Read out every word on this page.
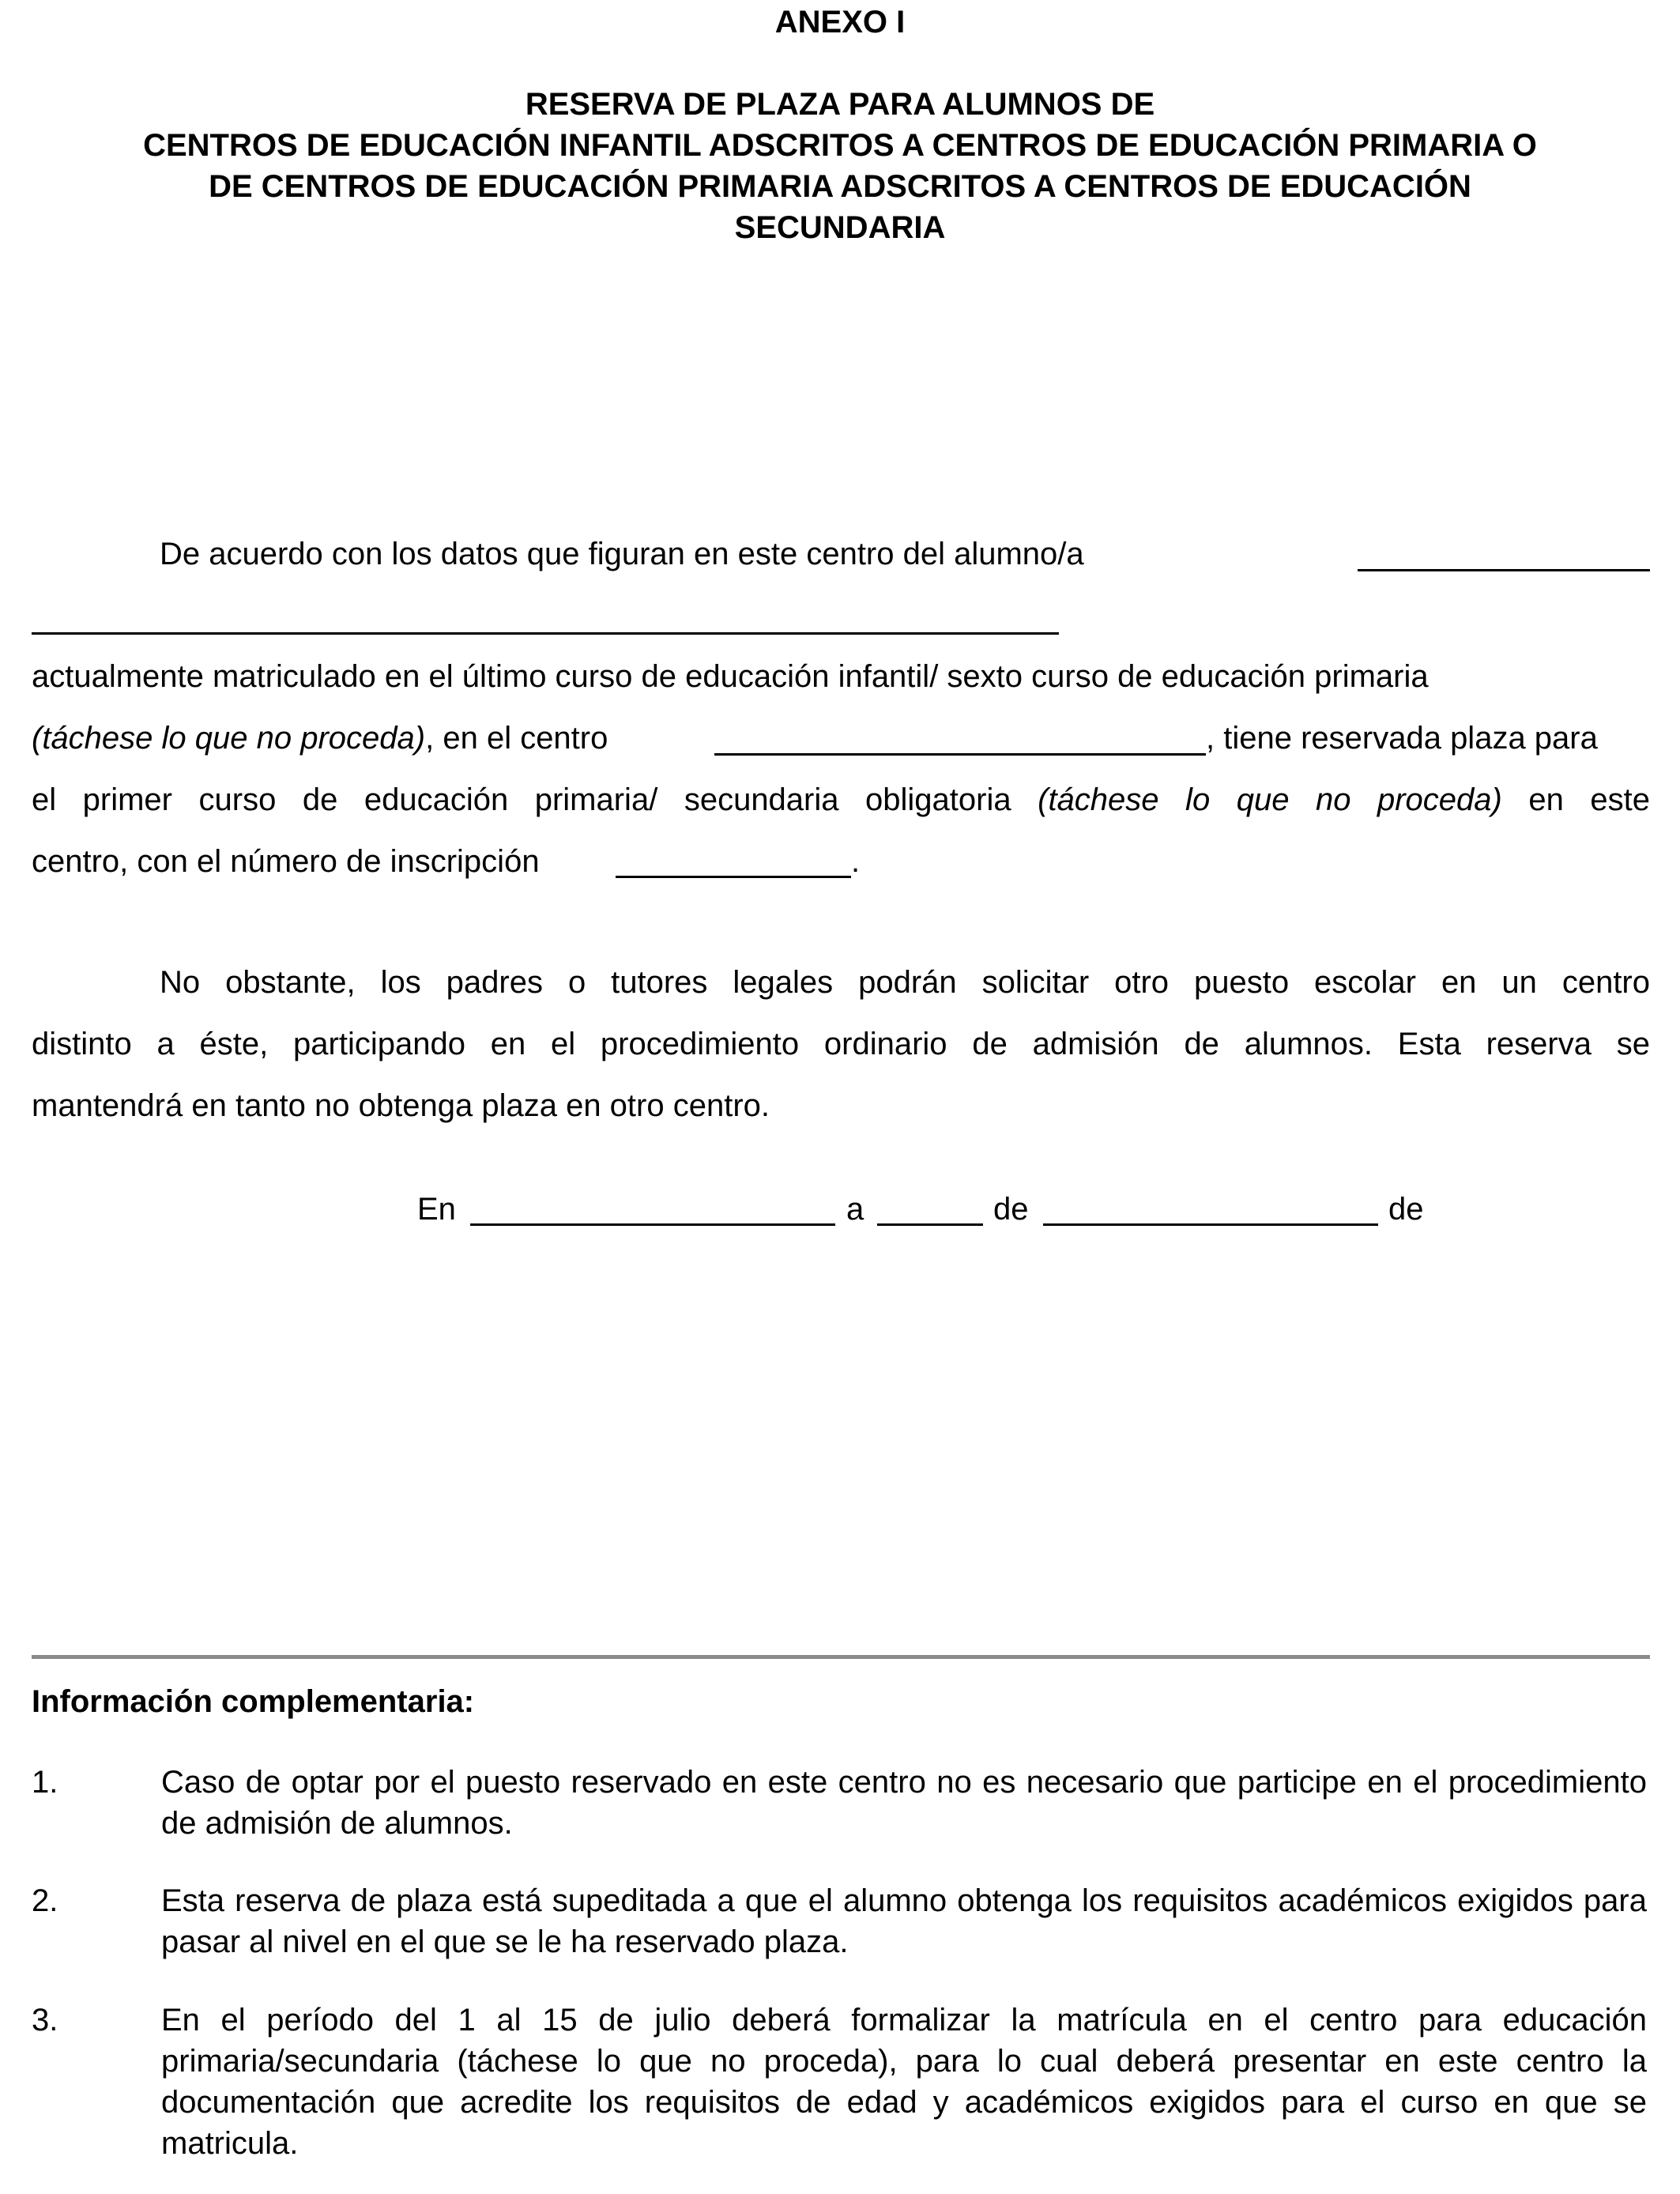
ANEXO I
RESERVA DE PLAZA PARA ALUMNOS DE
CENTROS DE EDUCACIÓN INFANTIL ADSCRITOS A CENTROS DE EDUCACIÓN PRIMARIA O
DE CENTROS DE EDUCACIÓN PRIMARIA ADSCRITOS A CENTROS DE EDUCACIÓN
SECUNDARIA
De acuerdo con los datos que figuran en este centro del alumno/a
actualmente matriculado en el último curso de educación infantil/ sexto curso de educación primaria
(táchese lo que no proceda), en el centro	, tiene reservada plaza para
el primer curso de educación primaria/ secundaria obligatoria (táchese lo que no proceda) en este
centro, con el número de inscripción	.
No obstante, los padres o tutores legales podrán solicitar otro puesto escolar en un centro
distinto a éste, participando en el procedimiento ordinario de admisión de alumnos. Esta reserva se
mantendrá en tanto no obtenga plaza en otro centro.
En	a	de	de
Información complementaria:
1.	Caso de optar por el puesto reservado en este centro no es necesario que participe en el procedimiento de admisión de alumnos.
2.	Esta reserva de plaza está supeditada a que el alumno obtenga los requisitos académicos exigidos para pasar al nivel en el que se le ha reservado plaza.
3.	En el período del 1 al 15 de julio deberá formalizar la matrícula en el centro para educación primaria/secundaria (táchese lo que no proceda), para lo cual deberá presentar en este centro la documentación que acredite los requisitos de edad y académicos exigidos para el curso en que se matricula.
